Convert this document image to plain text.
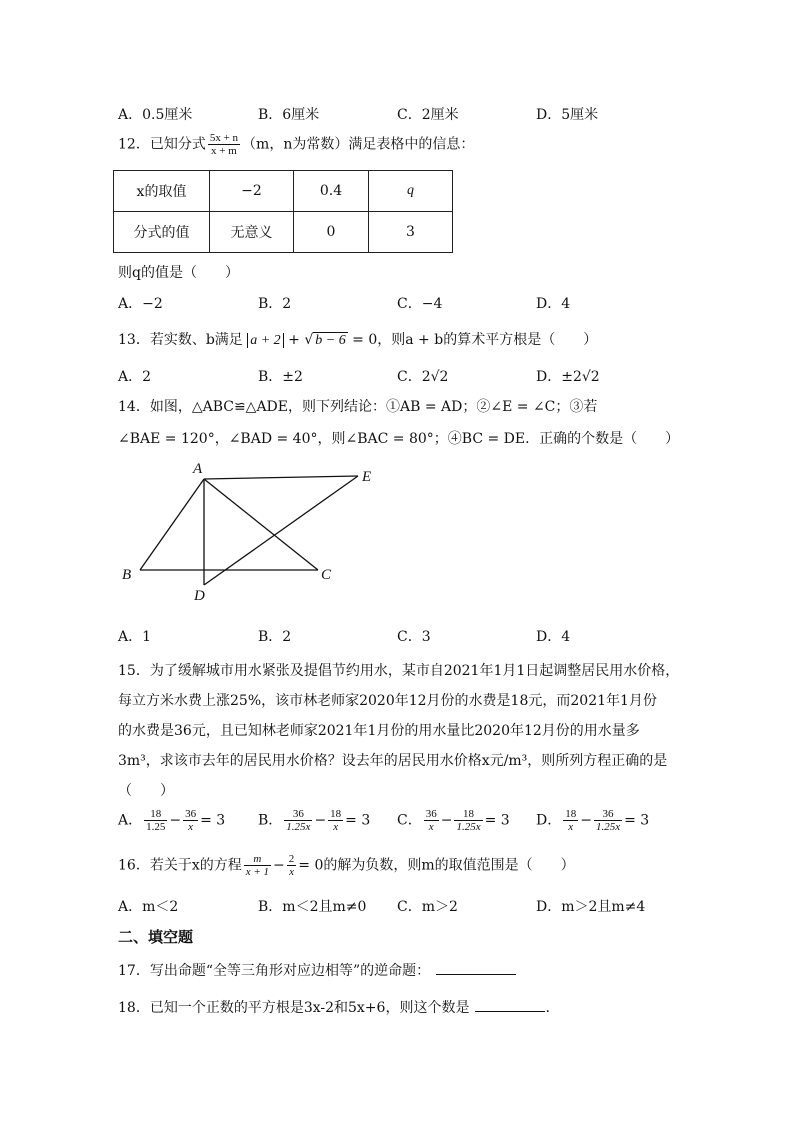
A．0.5厘米	B．6厘米	C．2厘米	D．5厘米
12．已知分式 $\frac{5x + n}{x + m} (m$，n为常数）满足表格中的信息：
x的取值	−2	0.4	q
分式的值	无意义	0	3
则q的值是（　　）
A．−2	B．2	C．−4	D．4
13．若实数、b满足 a + 2 + √ b − 6 = 0，则a + b的算术平方根是（　　）
A．2	B．±2	C．2√2	D．±2√2
14．如图，△ABC≌△ADE，则下列结论：①AB = AD；②∠E = ∠C；③若
∠BAE = 120°，∠BAD = 40°，则∠BAC = 80°；④BC = DE．正确的个数是（　　）
A	E
B	C
D
A．1	B．2	C．3	D．4
15．为了缓解城市用水紧张及提倡节约用水，某市自2021年1月1日起调整居民用水价格，
每立方米水费上涨25%，该市林老师家2020年12月份的水费是18元，而2021年1月份
的水费是36元，且已知林老师家2021年1月份的用水量比2020年12月份的用水量多
3m³，求该市去年的居民用水价格？设去年的居民用水价格x元/m³，则所列方程正确的是
（　　）
A． $\frac{18}{1.25} - \frac{36}{x} = 3$ B． $\frac{36}{1.25x} - \frac{18}{x} = 3$ C． $\frac{36}{x} - \frac{18}{1.25x} = 3$ D． $\frac{18}{x} - \frac{36}{1.25x} = 3$
16．若关于x的方程 $\frac{m}{x + 1} - \frac{2}{x} = 0$的解为负数，则m的取值范围是（　　）
A．m＜2	B．m＜2且m≠0 C．m＞2	D．m＞2且m≠4
二、填空题
17．写出命题“全等三角形对应边相等”的逆命题：
18．已知一个正数的平方根是3x-2和5x+6，则这个数是	.
